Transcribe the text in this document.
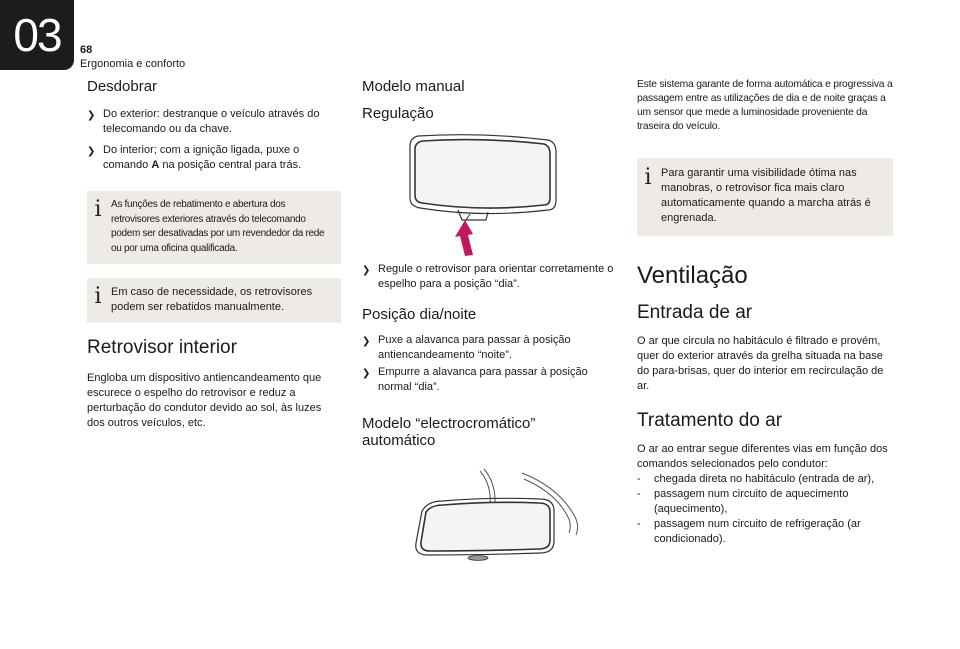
03 68
Ergonomia e conforto
Desdobrar
❯ Do exterior: destranque o veículo através do telecomando ou da chave.
❯ Do interior; com a ignição ligada, puxe o comando A na posição central para trás.
i As funções de rebatimento e abertura dos retrovisores exteriores através do telecomando podem ser desativadas por um revendedor da rede ou por uma oficina qualificada.
i Em caso de necessidade, os retrovisores podem ser rebatidos manualmente.
Retrovisor interior

Engloba um dispositivo antiencandeamento que escurece o espelho do retrovisor e reduz a perturbação do condutor devido ao sol, às luzes dos outros veículos, etc.

Modelo manual
Regulação
❯ Regule o retrovisor para orientar corretamente o espelho para a posição “dia”.
Posição dia/noite
❯ Puxe a alavanca para passar à posição antiencandeamento “noite”.
❯ Empurre a alavanca para passar à posição normal “dia”.
Modelo “electrocromático”
automático

Este sistema garante de forma automática e progressiva a passagem entre as utilizações de dia e de noite graças a um sensor que mede a luminosidade proveniente da traseira do veículo.

i Para garantir uma visibilidade ótima nas manobras, o retrovisor fica mais claro automaticamente quando a marcha atrás é engrenada.
Ventilação
Entrada de ar

O ar que circula no habitáculo é filtrado e provém, quer do exterior através da grelha situada na base do para-brisas, quer do interior em recirculação de ar.

Tratamento do ar

O ar ao entrar segue diferentes vias em função dos comandos selecionados pelo condutor:

-	chegada direta no habitáculo (entrada de ar),
-	passagem num circuito de aquecimento (aquecimento),
-	passagem num circuito de refrigeração (ar condicionado).
